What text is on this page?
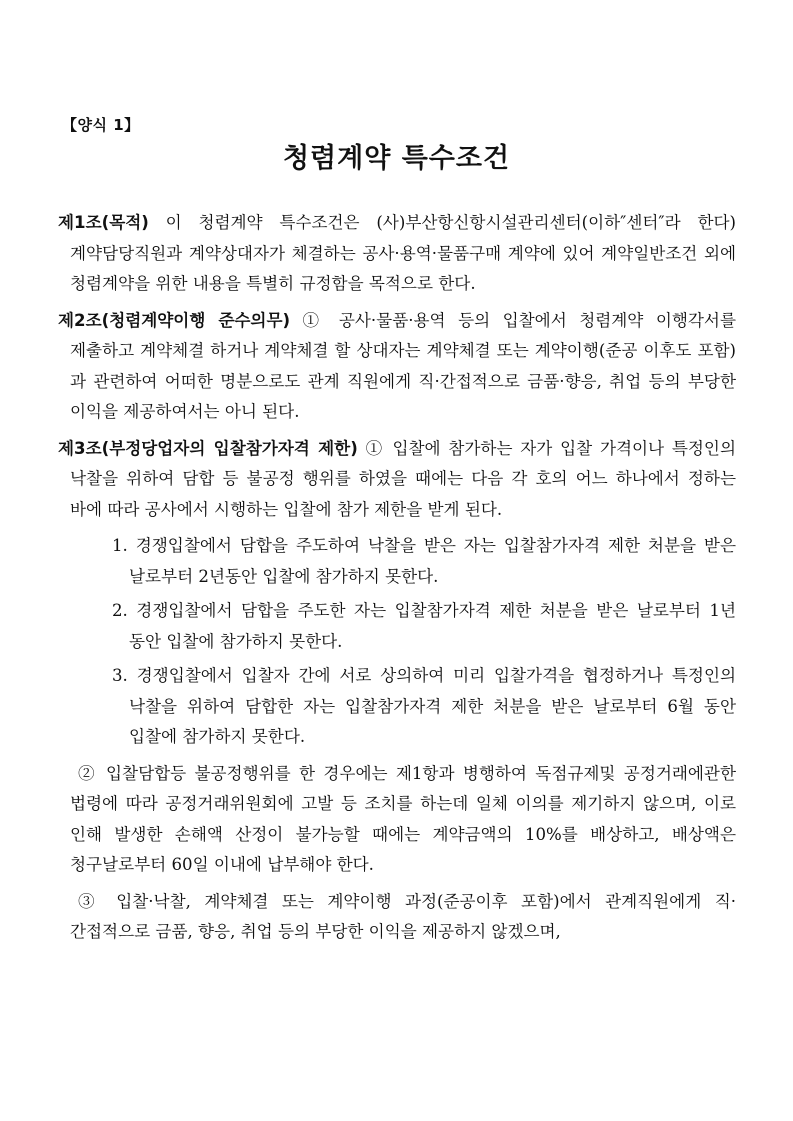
【양식 1】
청렴계약 특수조건

제1조(목적) 이 청렴계약 특수조건은 (사)부산항신항시설관리센터(이하″센터″라 한다) 계약담당직원과 계약상대자가 체결하는 공사·용역·물품구매 계약에 있어 계약일반조건 외에 청렴계약을 위한 내용을 특별히 규정함을 목적으로 한다.

제2조(청렴계약이행 준수의무) ① 공사·물품·용역 등의 입찰에서 청렴계약 이행각서를 제출하고 계약체결 하거나 계약체결 할 상대자는 계약체결 또는 계약이행(준공 이후도 포함)과 관련하여 어떠한 명분으로도 관계 직원에게 직·간접적으로 금품·향응, 취업 등의 부당한 이익을 제공하여서는 아니 된다.

제3조(부정당업자의 입찰참가자격 제한) ① 입찰에 참가하는 자가 입찰 가격이나 특정인의 낙찰을 위하여 담합 등 불공정 행위를 하였을 때에는 다음 각 호의 어느 하나에서 정하는 바에 따라 공사에서 시행하는 입찰에 참가 제한을 받게 된다.

1. 경쟁입찰에서 담합을 주도하여 낙찰을 받은 자는 입찰참가자격 제한 처분을 받은 날로부터 2년동안 입찰에 참가하지 못한다.
2. 경쟁입찰에서 담합을 주도한 자는 입찰참가자격 제한 처분을 받은 날로부터 1년 동안 입찰에 참가하지 못한다.
3. 경쟁입찰에서 입찰자 간에 서로 상의하여 미리 입찰가격을 협정하거나 특정인의 낙찰을 위하여 담합한 자는 입찰참가자격 제한 처분을 받은 날로부터 6월 동안 입찰에 참가하지 못한다.

② 입찰담합등 불공정행위를 한 경우에는 제1항과 병행하여 독점규제및 공정거래에관한 법령에 따라 공정거래위원회에 고발 등 조치를 하는데 일체 이의를 제기하지 않으며, 이로 인해 발생한 손해액 산정이 불가능할 때에는 계약금액의 10%를 배상하고, 배상액은 청구날로부터 60일 이내에 납부해야 한다.

③ 입찰·낙찰, 계약체결 또는 계약이행 과정(준공이후 포함)에서 관계직원에게 직·간접적으로 금품, 향응, 취업 등의 부당한 이익을 제공하지 않겠으며,
